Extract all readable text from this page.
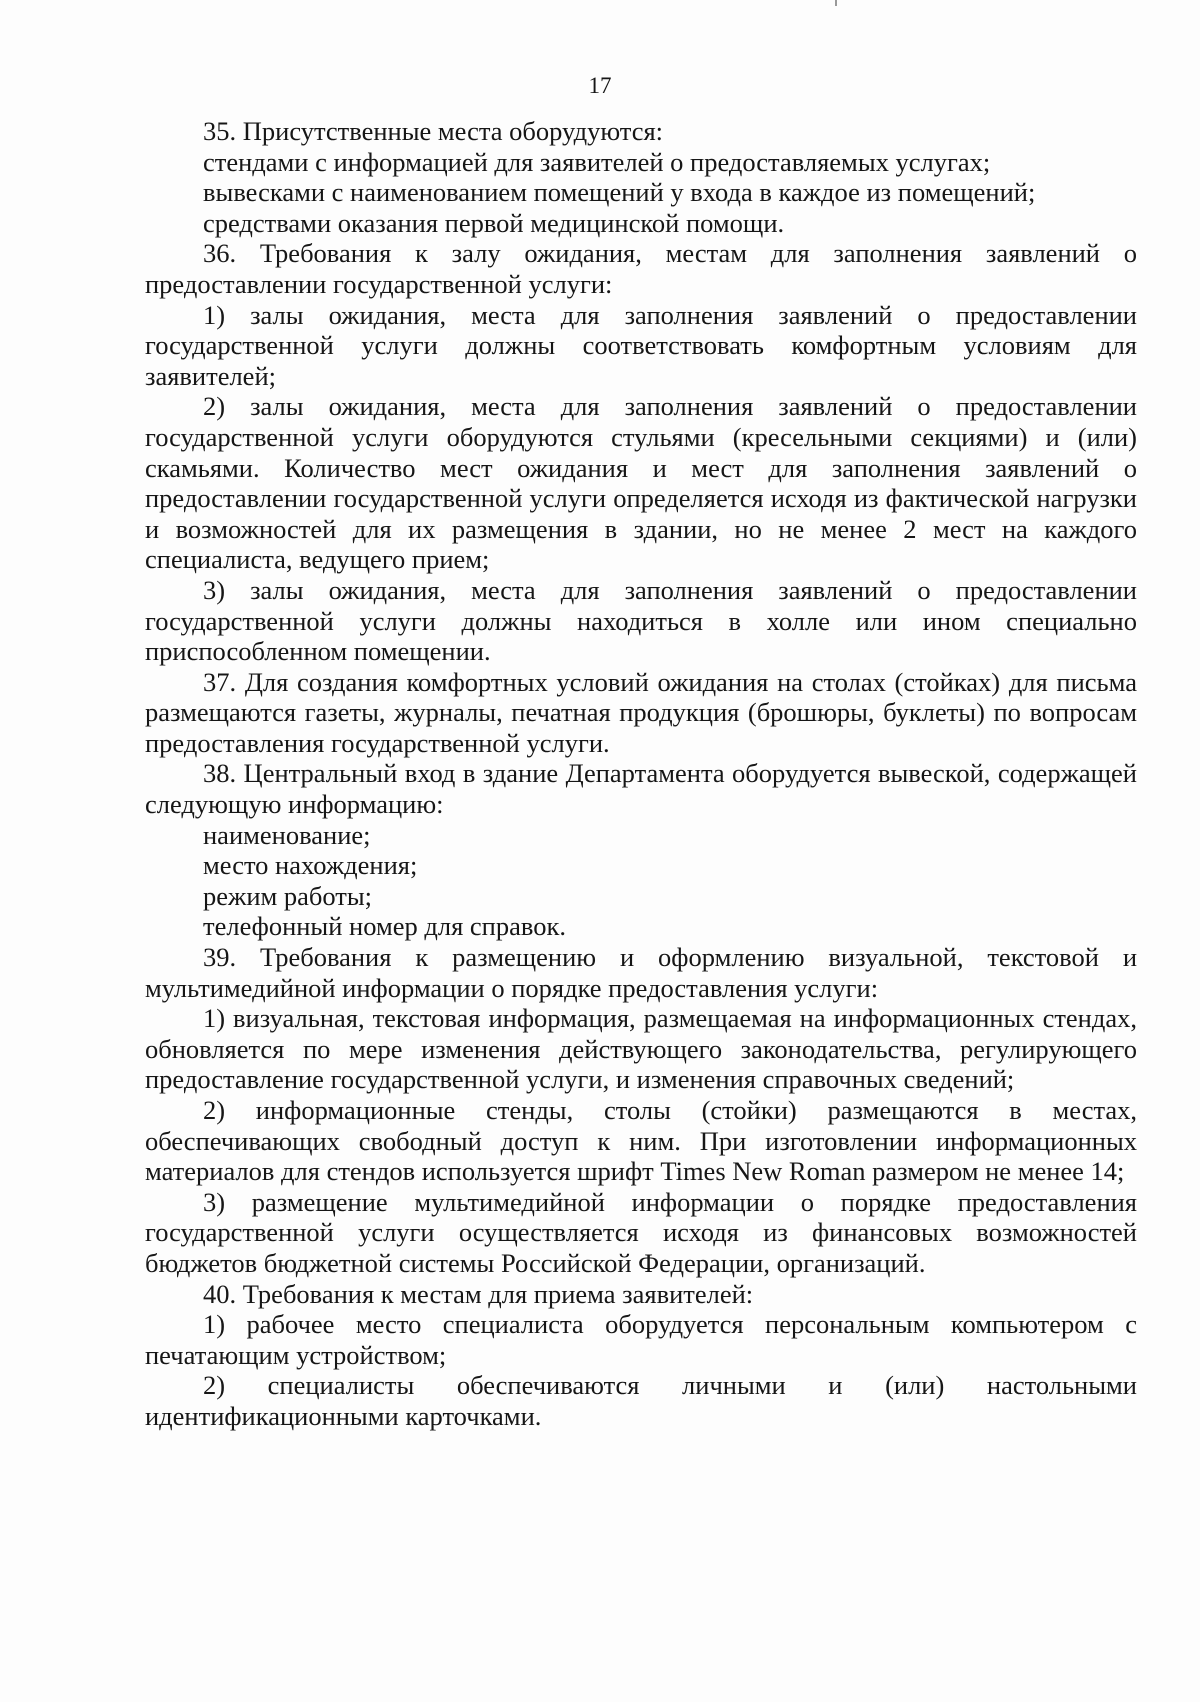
17

35. Присутственные места оборудуются:

стендами с информацией для заявителей о предоставляемых услугах;

вывесками с наименованием помещений у входа в каждое из помещений;

средствами оказания первой медицинской помощи.

36. Требования к залу ожидания, местам для заполнения заявлений о предоставлении государственной услуги:

1) залы ожидания, места для заполнения заявлений о предоставлении государственной услуги должны соответствовать комфортным условиям для заявителей;

2) залы ожидания, места для заполнения заявлений о предоставлении государственной услуги оборудуются стульями (кресельными секциями) и (или) скамьями. Количество мест ожидания и мест для заполнения заявлений о предоставлении государственной услуги определяется исходя из фактической нагрузки и возможностей для их размещения в здании, но не менее 2 мест на каждого специалиста, ведущего прием;

3) залы ожидания, места для заполнения заявлений о предоставлении государственной услуги должны находиться в холле или ином специально приспособленном помещении.

37. Для создания комфортных условий ожидания на столах (стойках) для письма размещаются газеты, журналы, печатная продукция (брошюры, буклеты) по вопросам предоставления государственной услуги.

38. Центральный вход в здание Департамента оборудуется вывеской, содержащей следующую информацию:

наименование;

место нахождения;

режим работы;

телефонный номер для справок.

39. Требования к размещению и оформлению визуальной, текстовой и мультимедийной информации о порядке предоставления услуги:

1) визуальная, текстовая информация, размещаемая на информационных стендах, обновляется по мере изменения действующего законодательства, регулирующего предоставление государственной услуги, и изменения справочных сведений;

2) информационные стенды, столы (стойки) размещаются в местах, обеспечивающих свободный доступ к ним. При изготовлении информационных материалов для стендов используется шрифт Times New Roman размером не менее 14;

3) размещение мультимедийной информации о порядке предоставления государственной услуги осуществляется исходя из финансовых возможностей бюджетов бюджетной системы Российской Федерации, организаций.

40. Требования к местам для приема заявителей:

1) рабочее место специалиста оборудуется персональным компьютером с печатающим устройством;

2) специалисты обеспечиваются личными и (или) настольными идентификационными карточками.
